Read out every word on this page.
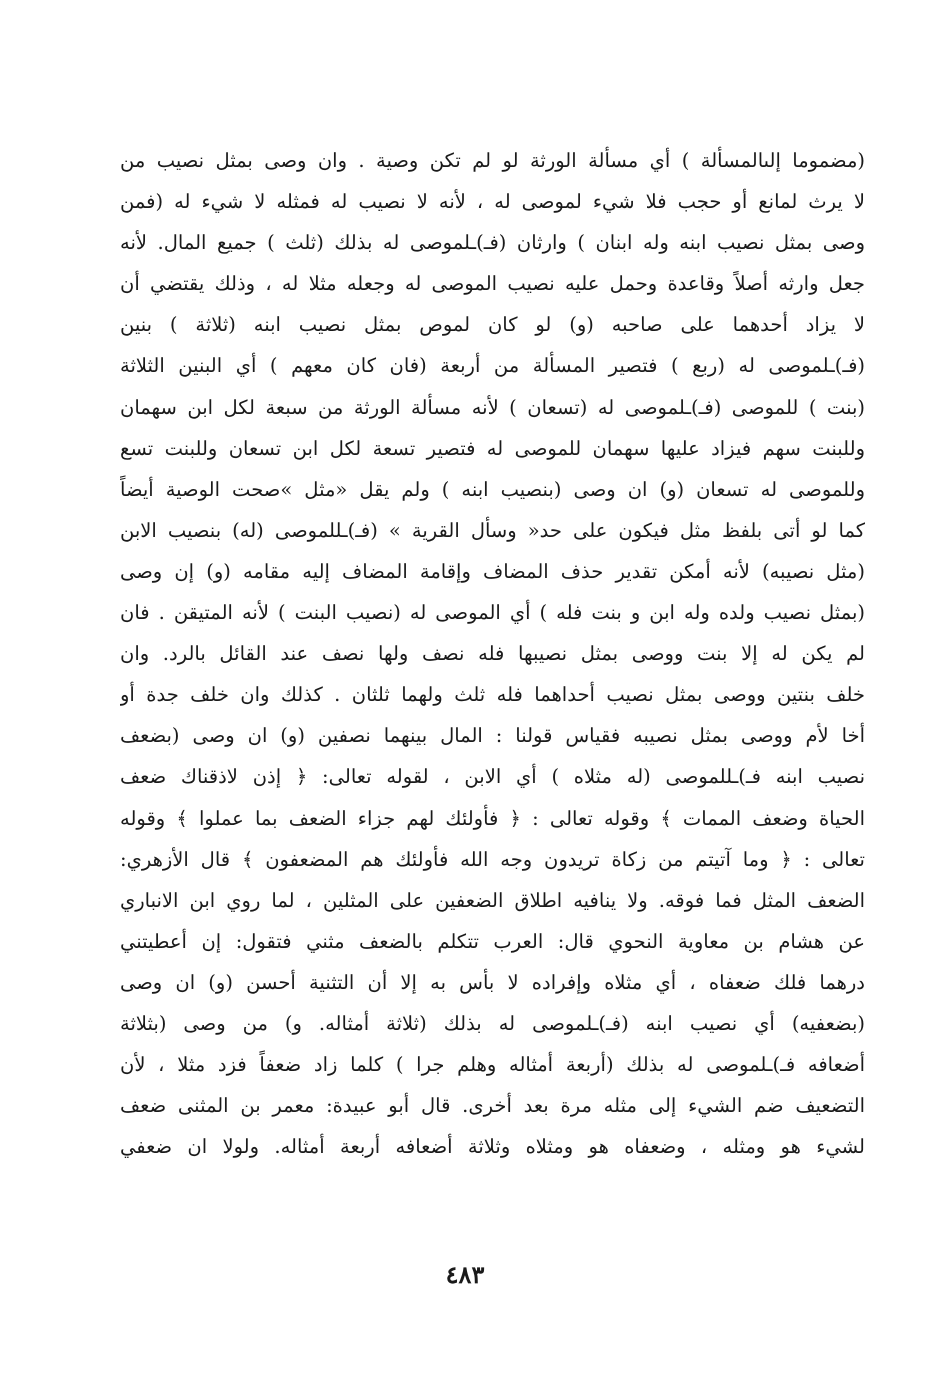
(مضموما إلىالمسألة ) أي مسألة الورثة لو لم تكن وصية . وان وصى بمثل نصيب من
لا يرث لمانع أو حجب فلا شيء لموصى له ، لأنه لا نصيب له فمثله لا شيء له (فمن
وصى بمثل نصيب ابنه وله ابنان ) وارثان (فـ)ـلموصى له بذلك (ثلث ) جميع المال. لأنه
جعل وارثه أصلاً وقاعدة وحمل عليه نصيب الموصى له وجعله مثلا له ، وذلك يقتضي أن
لا يزاد أحدهما على صاحبه (و) لو كان لموص بمثل نصيب ابنه (ثلاثة ) بنين
(فـ)ـلموصى له (ربع ) فتصير المسألة من أربعة (فان كان معهم ) أي البنين الثلاثة
(بنت ) للموصى (فـ)ـلموصى له (تسعان ) لأنه مسألة الورثة من سبعة لكل ابن سهمان
وللبنت سهم فيزاد عليها سهمان للموصى له فتصير تسعة لكل ابن تسعان وللبنت تسع
وللموصى له تسعان (و) ان وصى (بنصيب ابنه ) ولم يقل «مثل »صحت الوصية أيضاً
كما لو أتى بلفظ مثل فيكون على حد« وسأل القرية » (فـ)ـللموصى (له) بنصيب الابن
(مثل نصيبه) لأنه أمكن تقدير حذف المضاف وإقامة المضاف إليه مقامه (و) إن وصى
(بمثل نصيب ولده وله ابن و بنت فله ) أي الموصى له (نصيب البنت ) لأنه المتيقن . فان
لم يكن له إلا بنت ووصى بمثل نصيبها فله نصف ولها نصف عند القائل بالرد. وان
خلف بنتين ووصى بمثل نصيب أحداهما فله ثلث ولهما ثلثان . كذلك وان خلف جدة أو
أخا لأم ووصى بمثل نصيبه فقياس قولنا : المال بينهما نصفين (و) ان وصى (بضعف
نصيب ابنه فـ)ـللموصى (له مثلاه ) أي الابن ، لقوله تعالى: ﴿ إذن لاذقناك ضعف
الحياة وضعف الممات ﴾ وقوله تعالى : ﴿ فأولئك لهم جزاء الضعف بما عملوا ﴾ وقوله
تعالى : ﴿ وما آتيتم من زكاة تريدون وجه الله فأولئك هم المضعفون ﴾ قال الأزهري:
الضعف المثل فما فوقه. ولا ينافيه اطلاق الضعفين على المثلين ، لما روي ابن الانباري
عن هشام بن معاوية النحوي قال: العرب تتكلم بالضعف مثني فتقول: إن أعطيتني
درهما فلك ضعفاه ، أي مثلاه وإفراده لا بأس به إلا أن التثنية أحسن (و) ان وصى
(بضعفيه) أي نصيب ابنه (فـ)ـلموصى له بذلك (ثلاثة أمثاله. و) من وصى (بثلاثة
أضعافه فـ)ـلموصى له بذلك (أربعة أمثاله وهلم جرا ) كلما زاد ضعفاً فزد مثلا ، لأن
التضعيف ضم الشيء إلى مثله مرة بعد أخرى. قال أبو عبيدة: معمر بن المثنى ضعف
لشيء هو ومثله ، وضعفاه هو ومثلاه وثلاثة أضعافه أربعة أمثاله. ولولا ان ضعفي
٤٨٣
